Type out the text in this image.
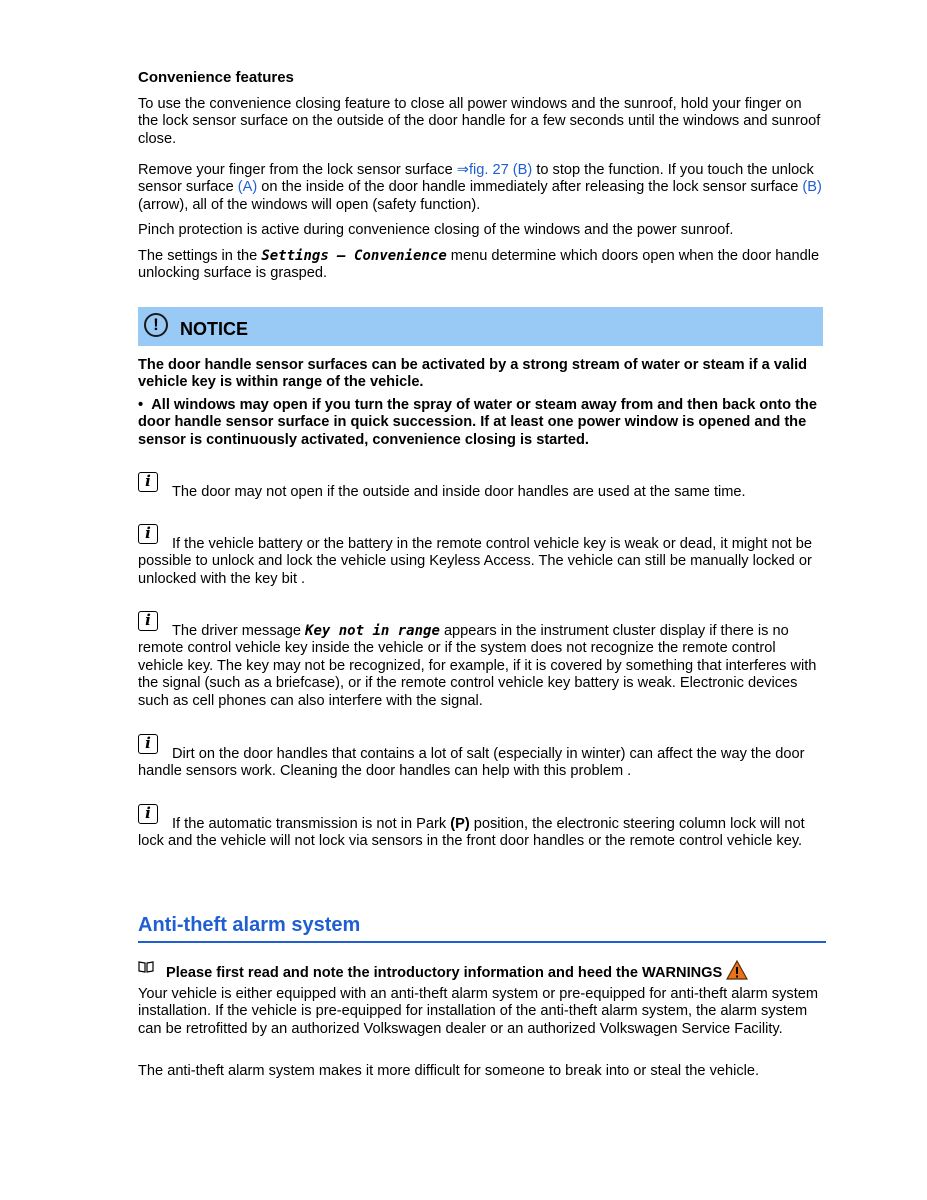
Convenience features
To use the convenience closing feature to close all power windows and the sunroof, hold your finger on the lock sensor surface on the outside of the door handle for a few seconds until the windows and sunroof close.
Remove your finger from the lock sensor surface ⇒fig. 27 (B) to stop the function. If you touch the unlock sensor surface (A) on the inside of the door handle immediately after releasing the lock sensor surface (B) (arrow), all of the windows will open (safety function).
Pinch protection is active during convenience closing of the windows and the power sunroof.
The settings in the Settings – Convenience menu determine which doors open when the door handle unlocking surface is grasped.
!	NOTICE
The door handle sensor surfaces can be activated by a strong stream of water or steam if a valid vehicle key is within range of the vehicle.
•  All windows may open if you turn the spray of water or steam away from and then back onto the door handle sensor surface in quick succession. If at least one power window is opened and the sensor is continuously activated, convenience closing is started.
i
The door may not open if the outside and inside door handles are used at the same time.
i
If the vehicle battery or the battery in the remote control vehicle key is weak or dead, it might not be possible to unlock and lock the vehicle using Keyless Access. The vehicle can still be manually locked or unlocked with the key bit .
i
The driver message Key not in range appears in the instrument cluster display if there is no remote control vehicle key inside the vehicle or if the system does not recognize the remote control vehicle key. The key may not be recognized, for example, if it is covered by something that interferes with the signal (such as a briefcase), or if the remote control vehicle key battery is weak. Electronic devices such as cell phones can also interfere with the signal.
i
Dirt on the door handles that contains a lot of salt (especially in winter) can affect the way the door handle sensors work. Cleaning the door handles can help with this problem .
i
If the automatic transmission is not in Park (P) position, the electronic steering column lock will not lock and the vehicle will not lock via sensors in the front door handles or the remote control vehicle key.
Anti-theft alarm system
Please first read and note the introductory information and heed the WARNINGS
Your vehicle is either equipped with an anti-theft alarm system or pre-equipped for anti-theft alarm system installation. If the vehicle is pre-equipped for installation of the anti-theft alarm system, the alarm system can be retrofitted by an authorized Volkswagen dealer or an authorized Volkswagen Service Facility.
The anti-theft alarm system makes it more difficult for someone to break into or steal the vehicle.
